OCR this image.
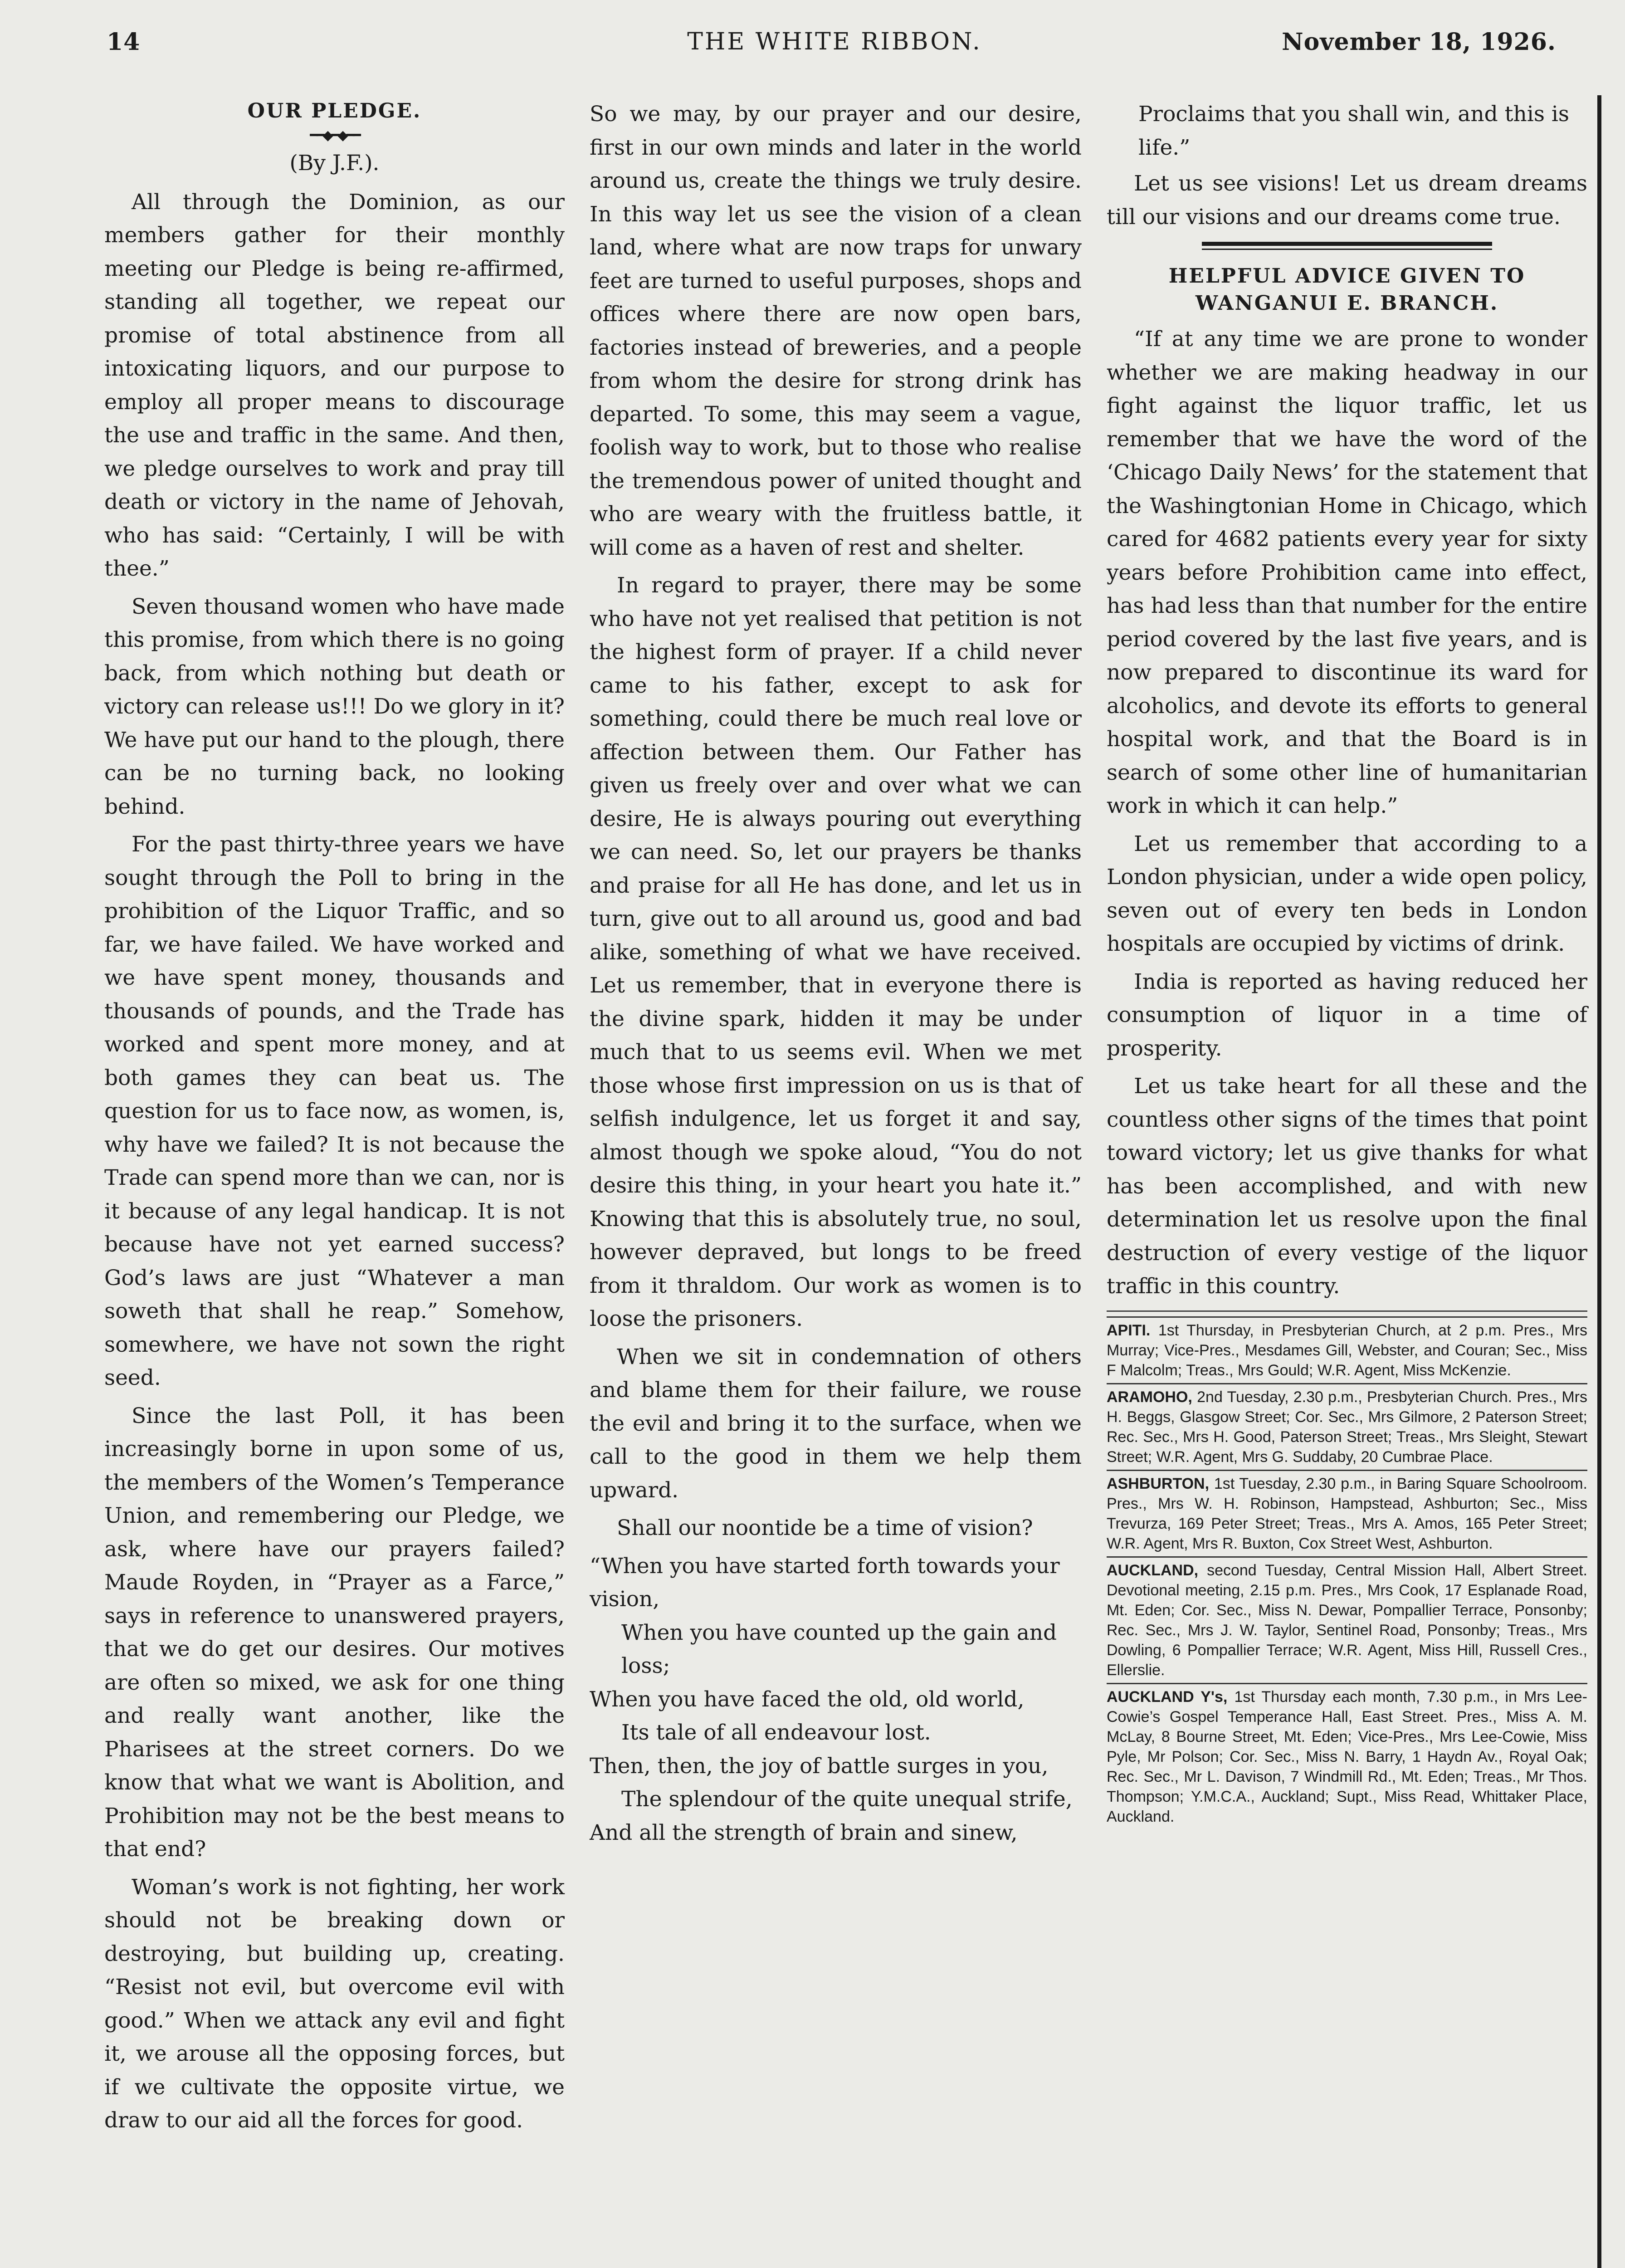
14	THE WHITE RIBBON.	November 18, 1926.
OUR PLEDGE.
━━◆━◆━━
(By J.F.).

All through the Dominion, as our members gather for their monthly meeting our Pledge is being re-affirmed, standing all together, we repeat our promise of total abstinence from all intoxicating liquors, and our purpose to employ all proper means to discourage the use and traffic in the same. And then, we pledge ourselves to work and pray till death or victory in the name of Jehovah, who has said: “Certainly, I will be with thee.”

Seven thousand women who have made this promise, from which there is no going back, from which nothing but death or victory can release us!!! Do we glory in it? We have put our hand to the plough, there can be no turning back, no looking behind.

For the past thirty-three years we have sought through the Poll to bring in the prohibition of the Liquor Traffic, and so far, we have failed. We have worked and we have spent money, thousands and thousands of pounds, and the Trade has worked and spent more money, and at both games they can beat us. The question for us to face now, as women, is, why have we failed? It is not because the Trade can spend more than we can, nor is it because of any legal handicap. It is not because have not yet earned success? God’s laws are just “Whatever a man soweth that shall he reap.” Somehow, somewhere, we have not sown the right seed.

Since the last Poll, it has been increasingly borne in upon some of us, the members of the Women’s Temperance Union, and remembering our Pledge, we ask, where have our prayers failed? Maude Royden, in “Prayer as a Farce,” says in reference to unanswered prayers, that we do get our desires. Our motives are often so mixed, we ask for one thing and really want another, like the Pharisees at the street corners. Do we know that what we want is Abolition, and Prohibition may not be the best means to that end?

Woman’s work is not fighting, her work should not be breaking down or destroying, but building up, creating. “Resist not evil, but overcome evil with good.” When we attack any evil and fight it, we arouse all the opposing forces, but if we cultivate the opposite virtue, we draw to our aid all the forces for good.

So we may, by our prayer and our desire, first in our own minds and later in the world around us, create the things we truly desire. In this way let us see the vision of a clean land, where what are now traps for unwary feet are turned to useful purposes, shops and offices where there are now open bars, factories instead of breweries, and a people from whom the desire for strong drink has departed. To some, this may seem a vague, foolish way to work, but to those who realise the tremendous power of united thought and who are weary with the fruitless battle, it will come as a haven of rest and shelter.

In regard to prayer, there may be some who have not yet realised that petition is not the highest form of prayer. If a child never came to his father, except to ask for something, could there be much real love or affection between them. Our Father has given us freely over and over what we can desire, He is always pouring out everything we can need. So, let our prayers be thanks and praise for all He has done, and let us in turn, give out to all around us, good and bad alike, something of what we have received. Let us remember, that in everyone there is the divine spark, hidden it may be under much that to us seems evil. When we met those whose first impression on us is that of selfish indulgence, let us forget it and say, almost though we spoke aloud, “You do not desire this thing, in your heart you hate it.” Knowing that this is absolutely true, no soul, however depraved, but longs to be freed from it thraldom. Our work as women is to loose the prisoners.

When we sit in condemnation of others and blame them for their failure, we rouse the evil and bring it to the surface, when we call to the good in them we help them upward.

Shall our noontide be a time of vision?

“When you have started forth towards your vision,
When you have counted up the gain and loss;
When you have faced the old, old world,
Its tale of all endeavour lost.
Then, then, the joy of battle surges in you,
The splendour of the quite unequal strife,
And all the strength of brain and sinew,
Proclaims that you shall win, and this is life.”

Let us see visions! Let us dream dreams till our visions and our dreams come true.

HELPFUL ADVICE GIVEN TO
WANGANUI E. BRANCH.

“If at any time we are prone to wonder whether we are making headway in our fight against the liquor traffic, let us remember that we have the word of the ‘Chicago Daily News’ for the statement that the Washingtonian Home in Chicago, which cared for 4682 patients every year for sixty years before Prohibition came into effect, has had less than that number for the entire period covered by the last five years, and is now prepared to discontinue its ward for alcoholics, and devote its efforts to general hospital work, and that the Board is in search of some other line of humanitarian work in which it can help.”

Let us remember that according to a London physician, under a wide open policy, seven out of every ten beds in London hospitals are occupied by victims of drink.

India is reported as having reduced her consumption of liquor in a time of prosperity.

Let us take heart for all these and the countless other signs of the times that point toward victory; let us give thanks for what has been accomplished, and with new determination let us resolve upon the final destruction of every vestige of the liquor traffic in this country.

APITI. 1st Thursday, in Presbyterian Church, at 2 p.m. Pres., Mrs Murray; Vice-Pres., Mesdames Gill, Webster, and Couran; Sec., Miss F Malcolm; Treas., Mrs Gould; W.R. Agent, Miss McKenzie.
ARAMOHO, 2nd Tuesday, 2.30 p.m., Presbyterian Church. Pres., Mrs H. Beggs, Glasgow Street; Cor. Sec., Mrs Gilmore, 2 Paterson Street; Rec. Sec., Mrs H. Good, Paterson Street; Treas., Mrs Sleight, Stewart Street; W.R. Agent, Mrs G. Suddaby, 20 Cumbrae Place.
ASHBURTON, 1st Tuesday, 2.30 p.m., in Baring Square Schoolroom. Pres., Mrs W. H. Robinson, Hampstead, Ashburton; Sec., Miss Trevurza, 169 Peter Street; Treas., Mrs A. Amos, 165 Peter Street; W.R. Agent, Mrs R. Buxton, Cox Street West, Ashburton.
AUCKLAND, second Tuesday, Central Mission Hall, Albert Street. Devotional meeting, 2.15 p.m. Pres., Mrs Cook, 17 Esplanade Road, Mt. Eden; Cor. Sec., Miss N. Dewar, Pompallier Terrace, Ponsonby; Rec. Sec., Mrs J. W. Taylor, Sentinel Road, Ponsonby; Treas., Mrs Dowling, 6 Pompallier Terrace; W.R. Agent, Miss Hill, Russell Cres., Ellerslie.
AUCKLAND Y's, 1st Thursday each month, 7.30 p.m., in Mrs Lee-Cowie’s Gospel Temperance Hall, East Street. Pres., Miss A. M. McLay, 8 Bourne Street, Mt. Eden; Vice-Pres., Mrs Lee-Cowie, Miss Pyle, Mr Polson; Cor. Sec., Miss N. Barry, 1 Haydn Av., Royal Oak; Rec. Sec., Mr L. Davison, 7 Windmill Rd., Mt. Eden; Treas., Mr Thos. Thompson; Y.M.C.A., Auckland; Supt., Miss Read, Whittaker Place, Auckland.
